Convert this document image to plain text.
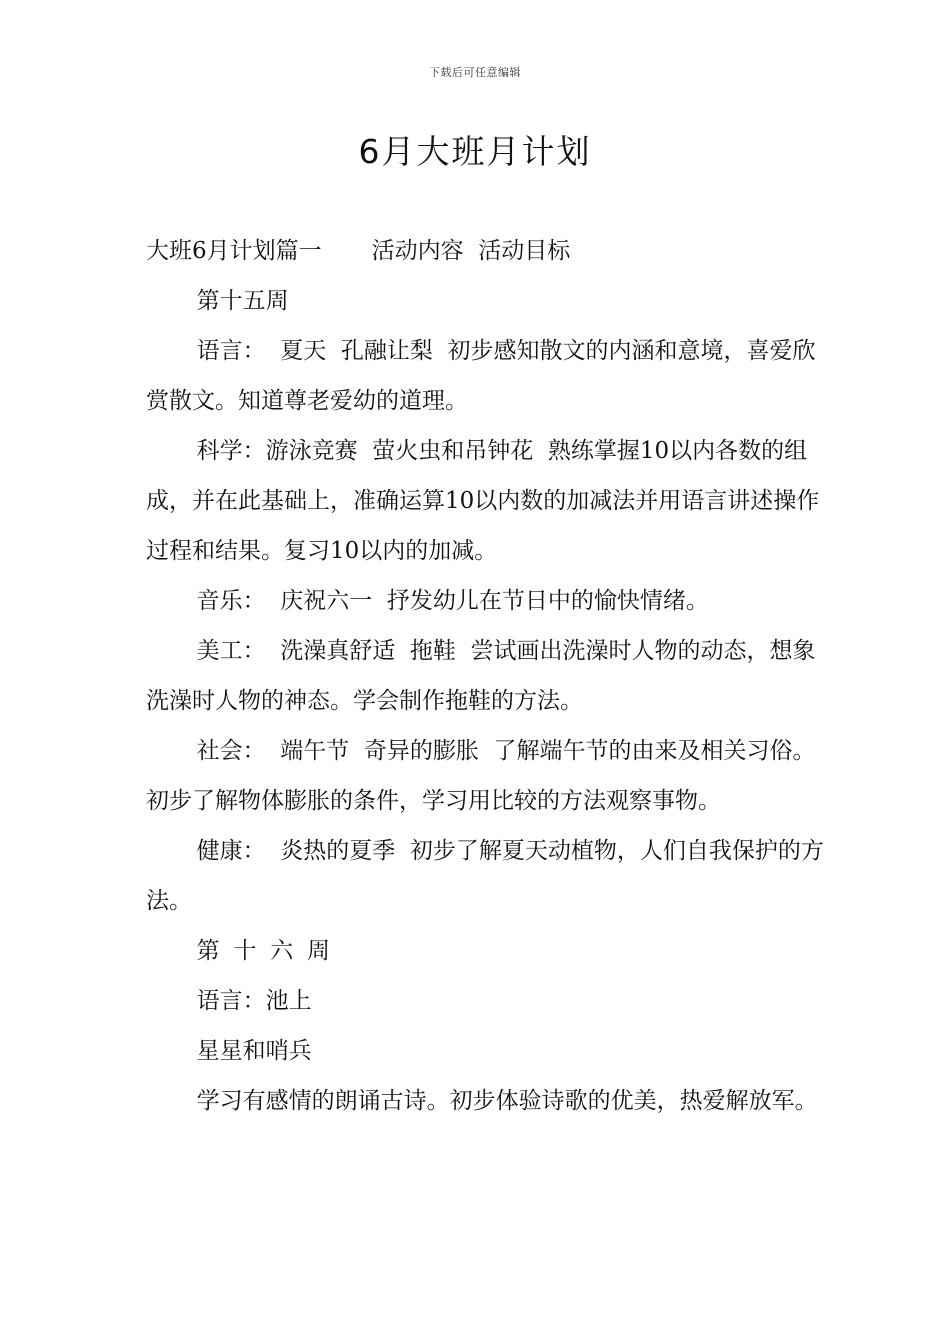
下载后可任意编辑
6月大班月计划

大班6月计划篇一 活动内容  活动目标

第十五周

语言：  夏天  孔融让梨  初步感知散文的内涵和意境，喜爱欣赏散文。知道尊老爱幼的道理。

科学：游泳竞赛  萤火虫和吊钟花  熟练掌握10以内各数的组成，并在此基础上，准确运算10以内数的加减法并用语言讲述操作过程和结果。复习10以内的加减。

音乐：  庆祝六一  抒发幼儿在节日中的愉快情绪。

美工：  洗澡真舒适  拖鞋  尝试画出洗澡时人物的动态，想象洗澡时人物的神态。学会制作拖鞋的方法。

社会：  端午节  奇异的膨胀  了解端午节的由来及相关习俗。初步了解物体膨胀的条件，学习用比较的方法观察事物。

健康：  炎热的夏季  初步了解夏天动植物，人们自我保护的方法。

第十六周

语言：池上

星星和哨兵

学习有感情的朗诵古诗。初步体验诗歌的优美，热爱解放军。
